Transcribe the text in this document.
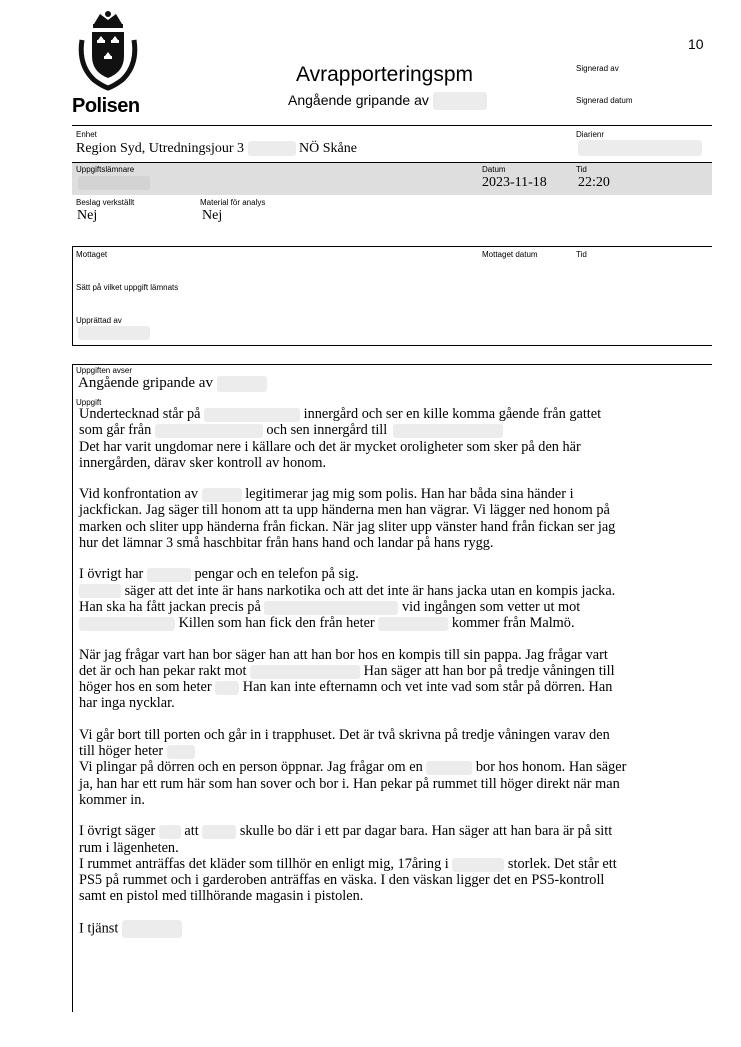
10
Polisen
Avrapporteringspm
Angående gripande av
Signerad av
Signerad datum
Enhet
Region Syd, Utredningsjour 3	NÖ Skåne
Diarienr
Uppgiftslämnare	Datum
2023-11-18
Tid
22:20
Beslag verkställt
Nej
Material för analys
Nej
Mottaget	Mottaget datum	Tid
Sätt på vilket uppgift lämnats
Upprättad av
Uppgiften avser
Angående gripande av
Uppgift

Undertecknad står på	innergård och ser en kille komma gående från gattet
som går från	och sen innergård till
Det har varit ungdomar nere i källare och det är mycket oroligheter som sker på den här
innergården, därav sker kontroll av honom.

Vid konfrontation av	legitimerar jag mig som polis. Han har båda sina händer i
jackfickan. Jag säger till honom att ta upp händerna men han vägrar. Vi lägger ned honom på
marken och sliter upp händerna från fickan. När jag sliter upp vänster hand från fickan ser jag
hur det lämnar 3 små haschbitar från hans hand och landar på hans rygg.

I övrigt har	pengar och en telefon på sig.
säger att det inte är hans narkotika och att det inte är hans jacka utan en kompis jacka.
Han ska ha fått jackan precis på	vid ingången som vetter ut mot
Killen som han fick den från heter	kommer från Malmö.

När jag frågar vart han bor säger han att han bor hos en kompis till sin pappa. Jag frågar vart
det är och han pekar rakt mot	Han säger att han bor på tredje våningen till
höger hos en som heter  Han kan inte efternamn och vet inte vad som står på dörren. Han
har inga nycklar.

Vi går bort till porten och går in i trapphuset. Det är två skrivna på tredje våningen varav den
till höger heter
Vi plingar på dörren och en person öppnar. Jag frågar om en	bor hos honom. Han säger
ja, han har ett rum här som han sover och bor i. Han pekar på rummet till höger direkt när man
kommer in.

I övrigt säger  att  skulle bo där i ett par dagar bara. Han säger att han bara är på sitt
rum i lägenheten.
I rummet anträffas det kläder som tillhör en enligt mig, 17åring i	storlek. Det står ett
PS5 på rummet och i garderoben anträffas en väska. I den väskan ligger det en PS5-kontroll
samt en pistol med tillhörande magasin i pistolen.

I tjänst
